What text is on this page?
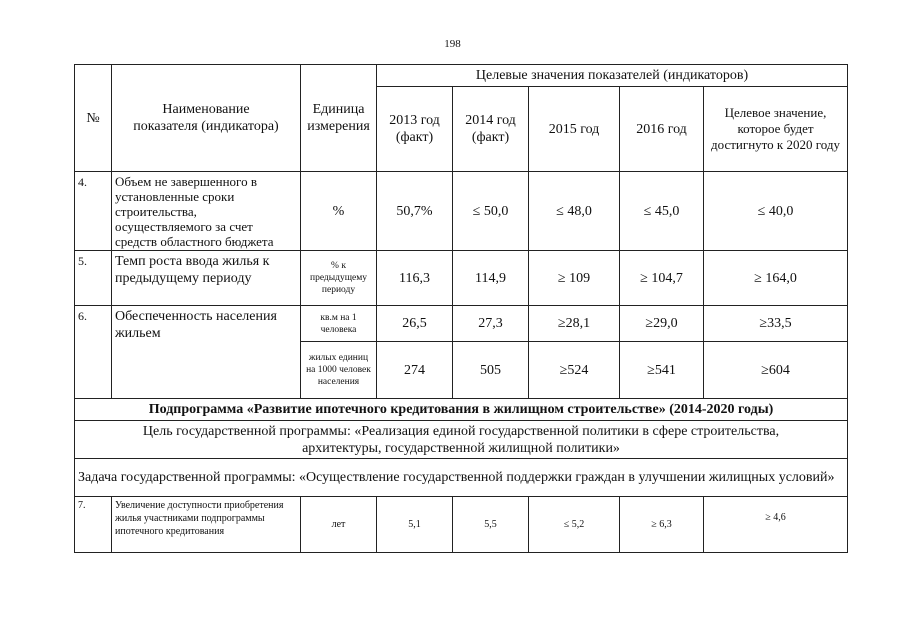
198
№	Наименование показателя (индикатора)	Единица измерения	Целевые значения показателей (индикаторов)				
			2013 год (факт)	2014 год (факт)	2015 год	2016 год	Целевое значение, которое будет достигнуто к 2020 году
4.	Объем не завершенного в установленные сроки строительства, осуществляемого за счет средств областного бюджета	%	50,7%	≤ 50,0	≤ 48,0	≤ 45,0	≤ 40,0
5.	Темп роста ввода жилья к предыдущему периоду	% к предыдущему периоду	116,3	114,9	≥ 109	≥ 104,7	≥ 164,0
6.	Обеспеченность населения жильем	кв.м на 1 человека	26,5	27,3	≥28,1	≥29,0	≥33,5
		жилых единиц на 1000 человек населения	274	505	≥524	≥541	≥604
Подпрограмма «Развитие ипотечного кредитования в жилищном строительстве» (2014-2020 годы)							
Цель государственной программы: «Реализация единой государственной политики в сфере строительства, архитектуры, государственной жилищной политики»							
Задача государственной программы: «Осуществление государственной поддержки граждан в улучшении жилищных условий»							
7.	Увеличение доступности приобретения жилья участниками подпрограммы ипотечного кредитования	лет	5,1	5,5	≤ 5,2	≥ 6,3	≥ 4,6
